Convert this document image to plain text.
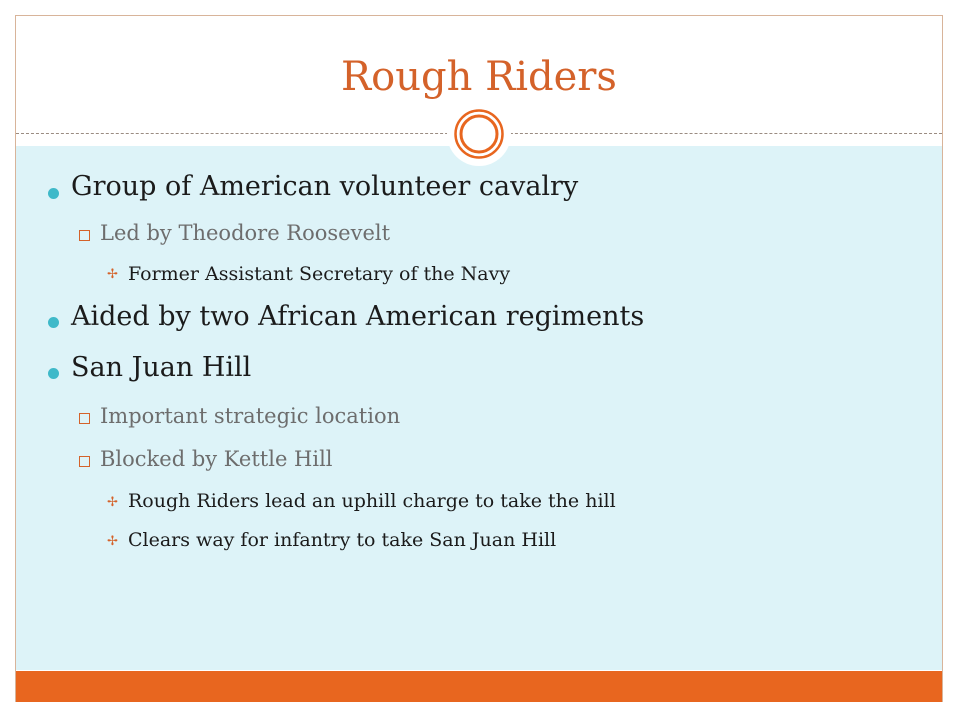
Rough Riders
Group of American volunteer cavalry
Led by Theodore Roosevelt
✢ Former Assistant Secretary of the Navy
Aided by two African American regiments
San Juan Hill
Important strategic location
Blocked by Kettle Hill
✢ Rough Riders lead an uphill charge to take the hill
✢ Clears way for infantry to take San Juan Hill
